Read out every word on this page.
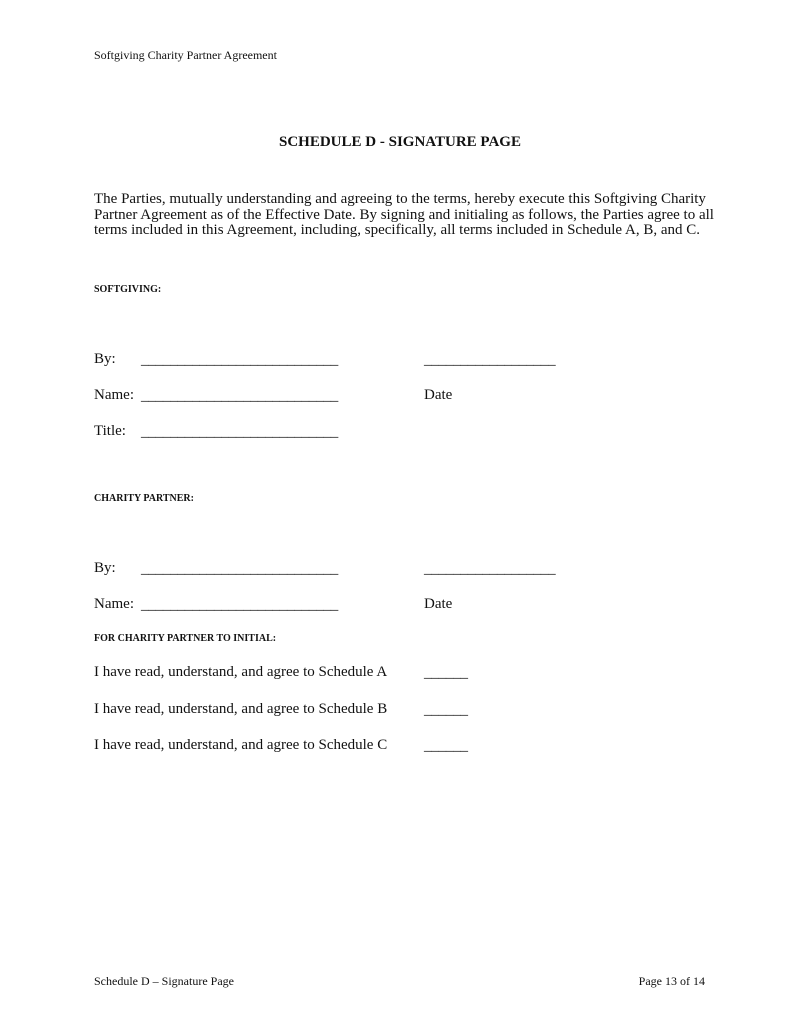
Softgiving Charity Partner Agreement
SCHEDULE D - SIGNATURE PAGE
The Parties, mutually understanding and agreeing to the terms, hereby execute this Softgiving Charity Partner Agreement as of the Effective Date. By signing and initialing as follows, the Parties agree to all terms included in this Agreement, including, specifically, all terms included in Schedule A, B, and C.
SOFTGIVING:
By: ___________________________	__________________
Name: ___________________________	Date
Title: ___________________________
CHARITY PARTNER:
By: ___________________________	__________________
Name: ___________________________	Date
FOR CHARITY PARTNER TO INITIAL:
I have read, understand, and agree to Schedule A ______
I have read, understand, and agree to Schedule B ______
I have read, understand, and agree to Schedule C ______
Schedule D – Signature Page	Page 13 of 14
